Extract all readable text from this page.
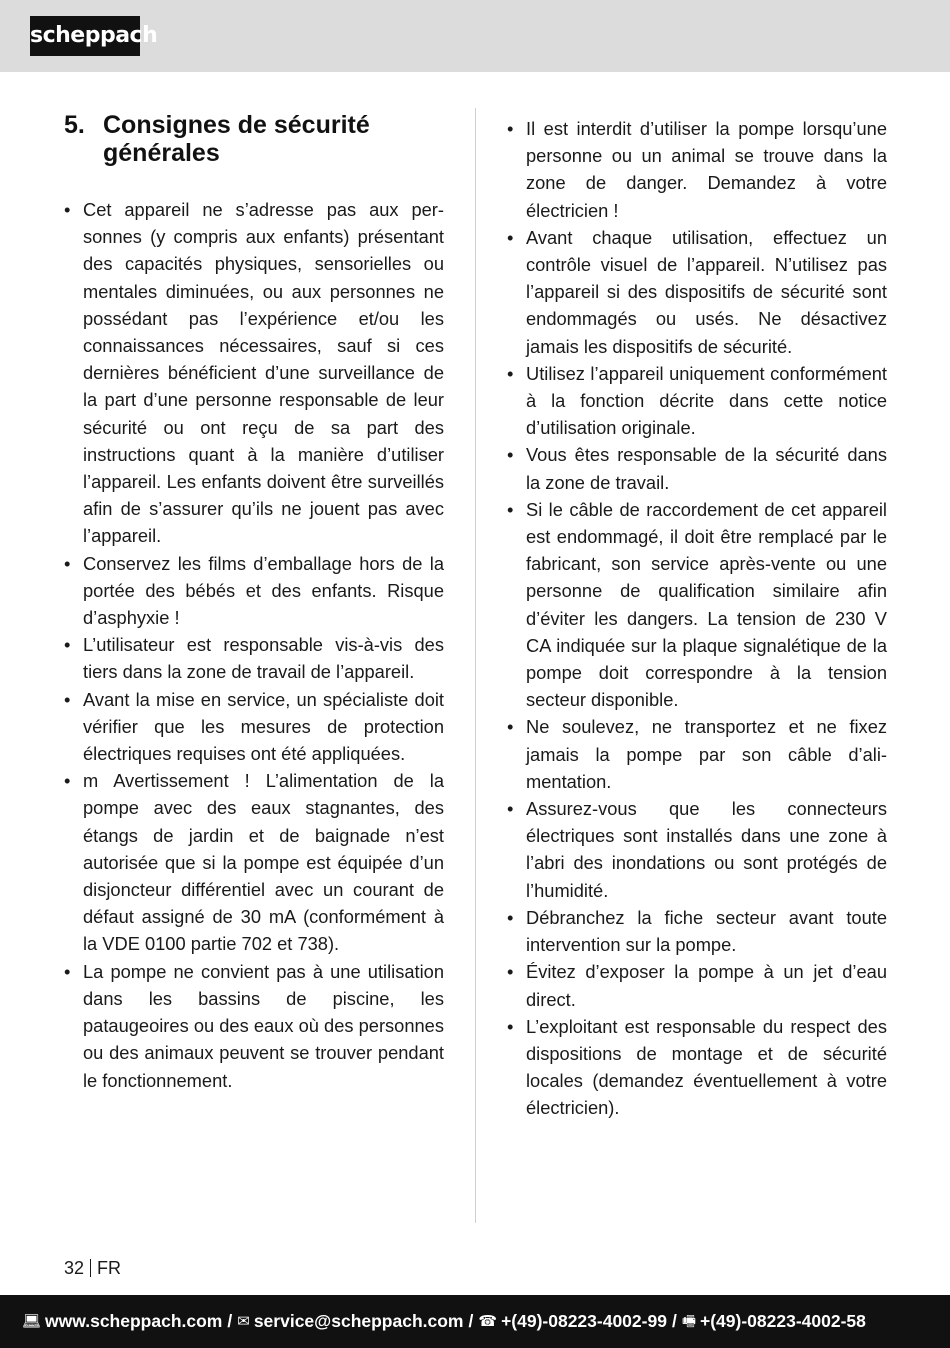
scheppach
5. Consignes de sécurité générales
• Cet appareil ne s’adresse pas aux personnes (y compris aux enfants) présentant des capacités physiques, sensorielles ou mentales diminuées, ou aux personnes ne possédant pas l’expérience et/ou les connaissances nécessaires, sauf si ces dernières bénéficient d’une surveillance de la part d’une personne responsable de leur sécurité ou ont reçu de sa part des instructions quant à la manière d’utiliser l’appareil. Les enfants doivent être surveillés afin de s’assurer qu’ils ne jouent pas avec l’appareil.
• Conservez les films d’emballage hors de la portée des bébés et des enfants. Risque d’asphyxie !
• L’utilisateur est responsable vis-à-vis des tiers dans la zone de travail de l’appareil.
• Avant la mise en service, un spécialiste doit vérifier que les mesures de protection électriques requises ont été appliquées.
• m Avertissement ! L’alimentation de la pompe avec des eaux stagnantes, des étangs de jardin et de baignade n’est autorisée que si la pompe est équipée d’un disjoncteur différentiel avec un courant de défaut assigné de 30 mA (conformément à la VDE 0100 partie 702 et 738).
• La pompe ne convient pas à une utilisation dans les bassins de piscine, les pataugeoires ou des eaux où des personnes ou des animaux peuvent se trouver pendant le fonctionnement.
• Il est interdit d’utiliser la pompe lorsqu’une personne ou un animal se trouve dans la zone de danger. Demandez à votre électricien !
• Avant chaque utilisation, effectuez un contrôle visuel de l’appareil. N’utilisez pas l’appareil si des dispositifs de sécurité sont endommagés ou usés. Ne désactivez jamais les dispositifs de sécurité.
• Utilisez l’appareil uniquement conformément à la fonction décrite dans cette notice d’utilisation originale.
• Vous êtes responsable de la sécurité dans la zone de travail.
• Si le câble de raccordement de cet appareil est endommagé, il doit être remplacé par le fabricant, son service après-vente ou une personne de qualification similaire afin d’éviter les dangers. La tension de 230 V CA indiquée sur la plaque signalétique de la pompe doit correspondre à la tension secteur disponible.
• Ne soulevez, ne transportez et ne fixez jamais la pompe par son câble d’alimentation.
• Assurez-vous que les connecteurs électriques sont installés dans une zone à l’abri des inondations ou sont protégés de l’humidité.
• Débranchez la fiche secteur avant toute intervention sur la pompe.
• Évitez d’exposer la pompe à un jet d’eau direct.
• L’exploitant est responsable du respect des dispositions de montage et de sécurité locales (demandez éventuellement à votre électricien).
32 FR
💻︎ www.scheppach.com / ✉︎ service@scheppach.com / ☎︎ +(49)-08223-4002-99 / 🖷︎ +(49)-08223-4002-58
